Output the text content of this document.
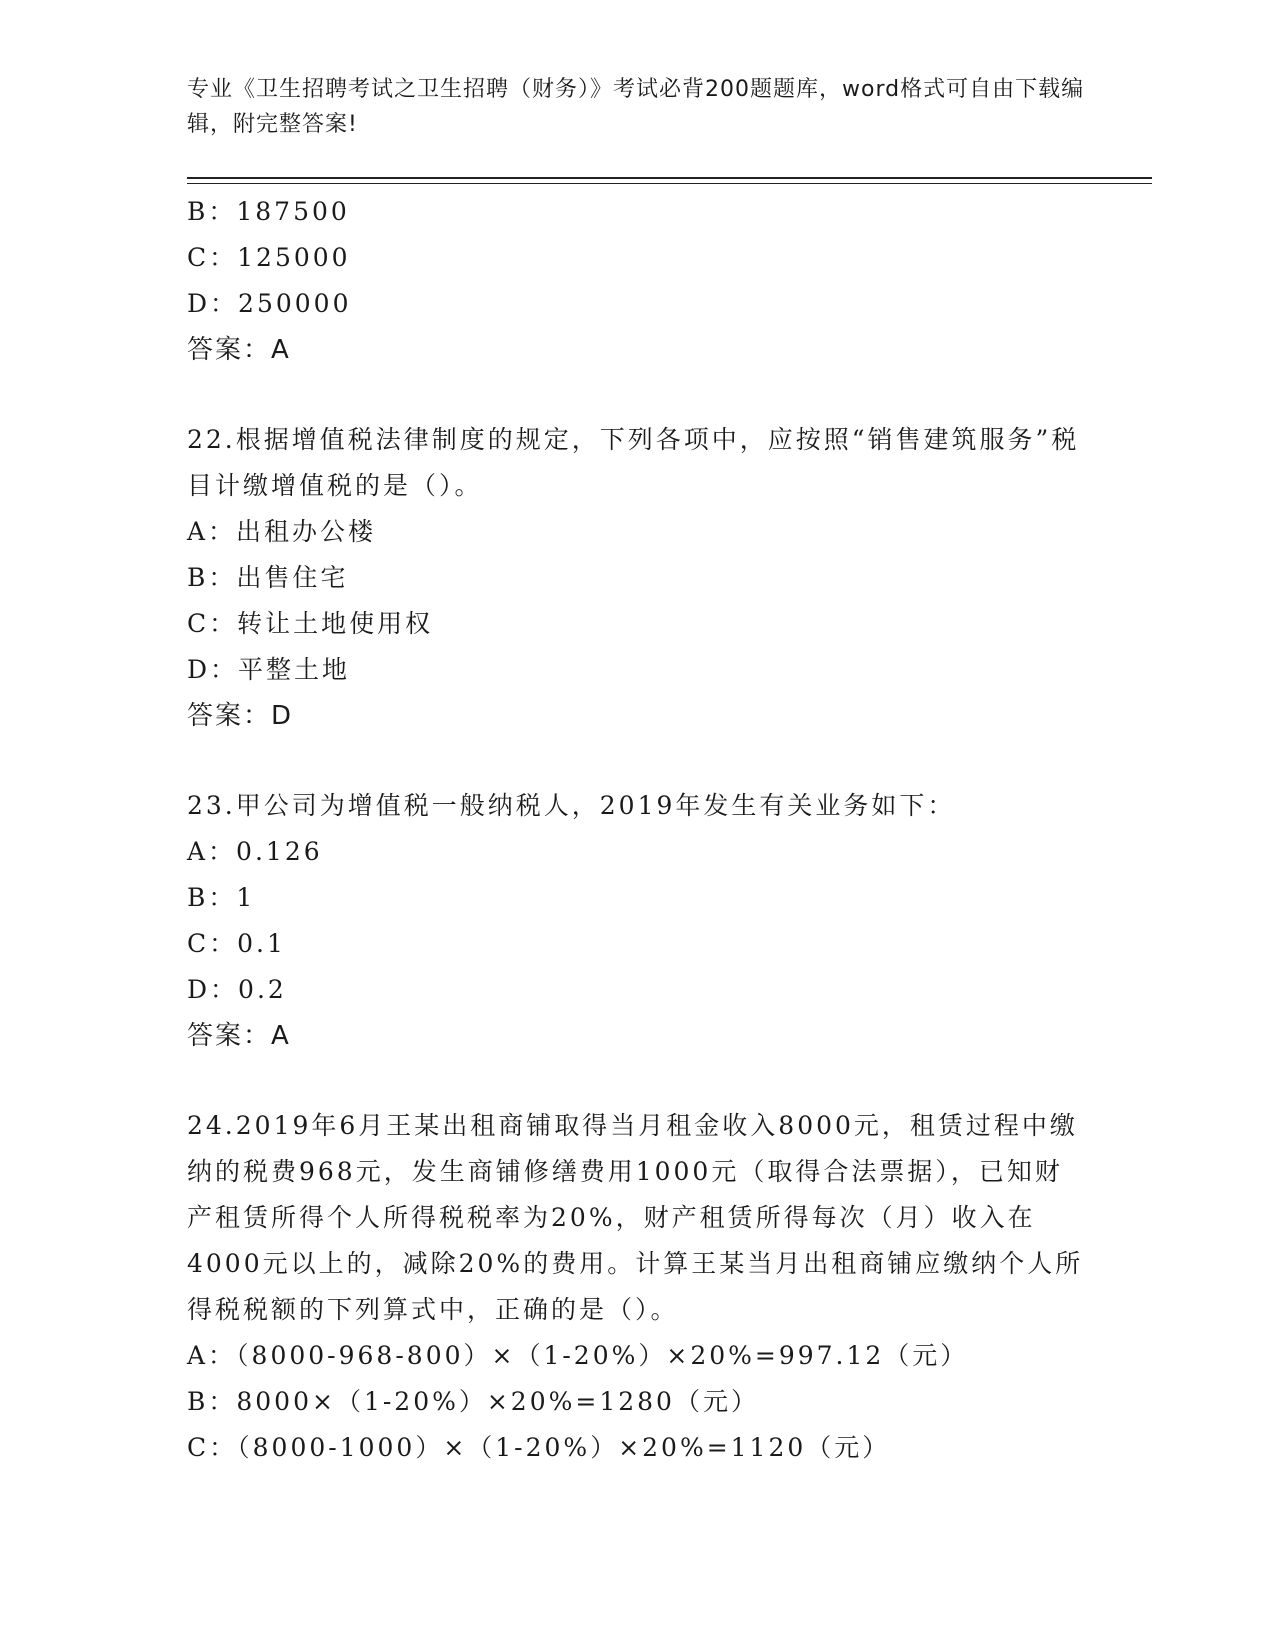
专业《卫生招聘考试之卫生招聘（财务）》考试必背200题题库，word格式可自由下载编辑，附完整答案!
B：187500
C：125000
D：250000
答案：A
22.根据增值税法律制度的规定，下列各项中，应按照“销售建筑服务”税目计缴增值税的是（）。
A：出租办公楼
B：出售住宅
C：转让土地使用权
D：平整土地
答案：D
23.甲公司为增值税一般纳税人，2019年发生有关业务如下：
A：0.126
B：1
C：0.1
D：0.2
答案：A
24.2019年6月王某出租商铺取得当月租金收入8000元，租赁过程中缴纳的税费968元，发生商铺修缮费用1000元（取得合法票据），已知财产租赁所得个人所得税税率为20%，财产租赁所得每次（月）收入在4000元以上的，减除20%的费用。计算王某当月出租商铺应缴纳个人所得税税额的下列算式中，正确的是（）。
A：（8000-968-800）×（1-20%）×20%=997.12（元）
B：8000×（1-20%）×20%=1280（元）
C：（8000-1000）×（1-20%）×20%=1120（元）
